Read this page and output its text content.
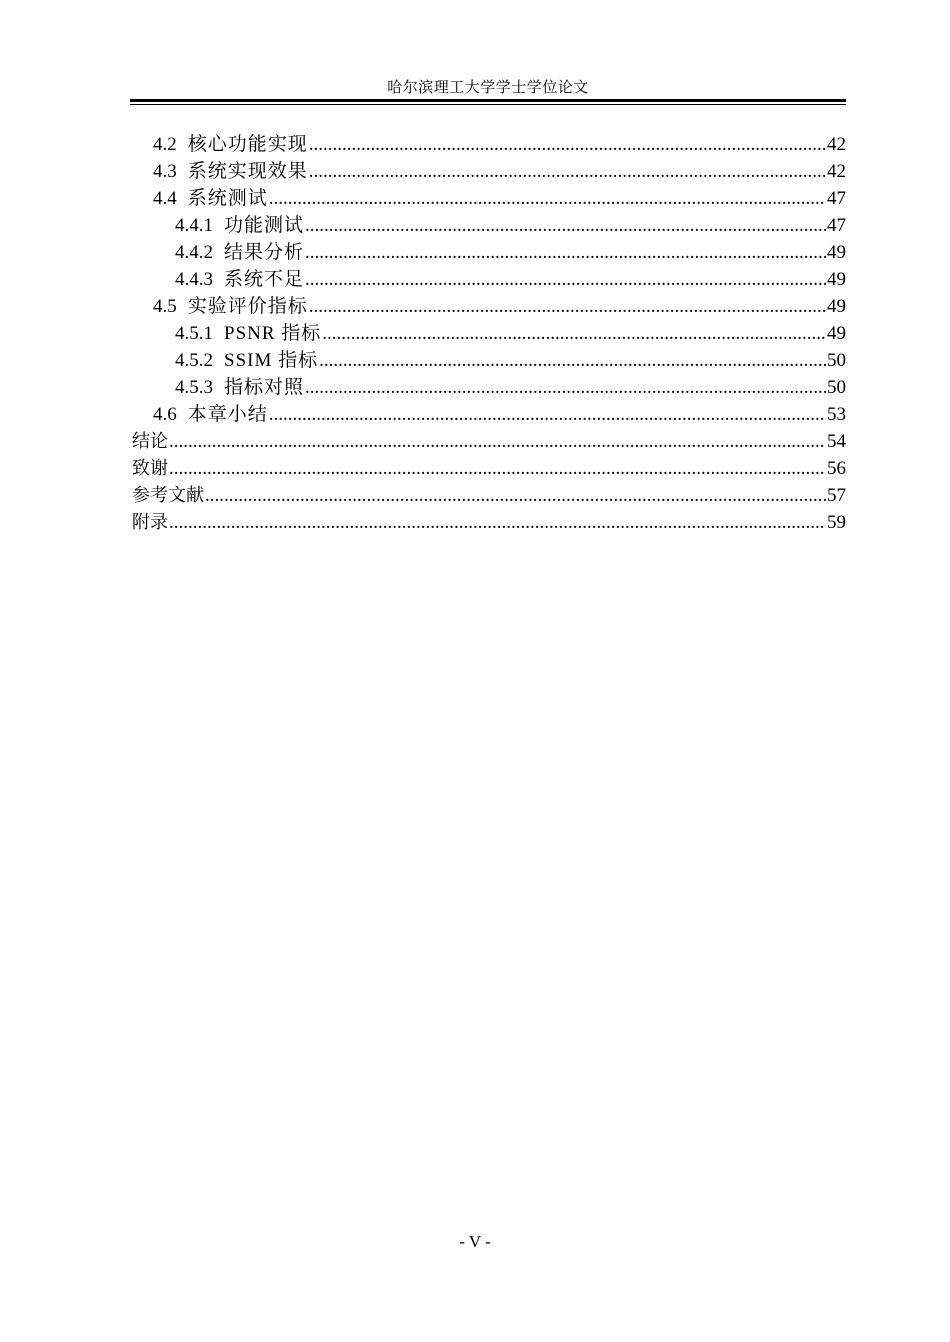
哈尔滨理工大学学士学位论文
4.2 核心功能实现 .....	42
4.3 系统实现效果 .....	42
4.4 系统测试 .....	47
4.4.1 功能测试 .....	47
4.4.2 结果分析 .....	49
4.4.3 系统不足 .....	49
4.5 实验评价指标 .....	49
4.5.1 PSNR 指标 .....	49
4.5.2 SSIM 指标 .....	50
4.5.3 指标对照 .....	50
4.6 本章小结 .....	53
结论 .....	54
致谢 .....	56
参考文献 .....	57
附录 .....	59
- V -
